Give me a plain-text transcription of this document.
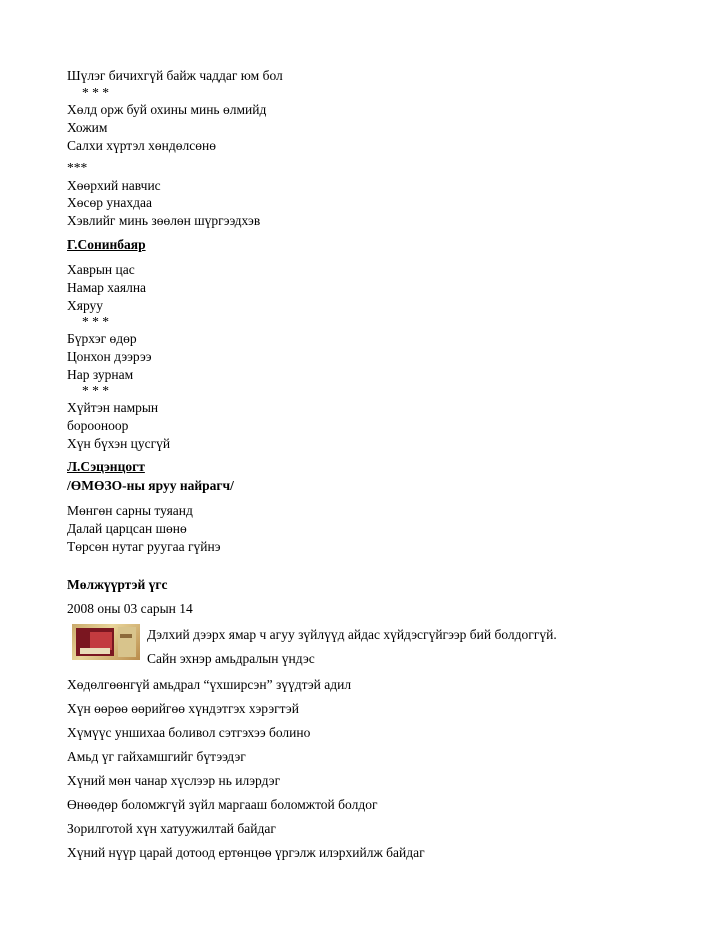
Шүлэг бичихгүй байж чаддаг юм бол
* * *
Хөлд орж буй охины минь өлмийд
Хожим
Салхи хүртэл хөндөлсөнө
***
Хөөрхий навчис
Хөсөр унахдаа
Хэвлийг минь зөөлөн шүргээдхэв
Г.Сонинбаяр
Хаврын цас
Намар хаялна
Хяруу
* * *
Бүрхэг өдөр
Цонхон дээрээ
Нар зурнам
* * *
Хүйтэн намрын
бороонoор
Хүн бүхэн цусгүй
Л.Сэцэнцогт
/ӨМӨЗО-ны яруу найрагч/
Мөнгөн сарны туяанд
Далай царцсан шөнө
Төрсөн нутаг руугаа гүйнэ
Мөлжүүртэй үгс
2008 оны 03 сарын 14
Дэлхий дээрх ямар ч агуу зүйлүүд айдас хүйдэсгүйгээр бий болдоггүй.
Сайн эхнэр амьдралын үндэс
Хөдөлгөөнгүй амьдрал “үхширсэн” зүүдтэй адил
Хүн өөрөө өөрийгөө хүндэтгэх хэрэгтэй
Хүмүүс уншихаа боливол сэтгэхээ болино
Амьд үг гайхамшгийг бүтээдэг
Хүний мөн чанар хүслээр нь илэрдэг
Өнөөдөр боломжгүй зүйл маргааш боломжтой болдог
Зорилготой хүн хатуужилтай байдаг
Хүний нүүр царай дотоод ертөнцөө үргэлж илэрхийлж байдаг
